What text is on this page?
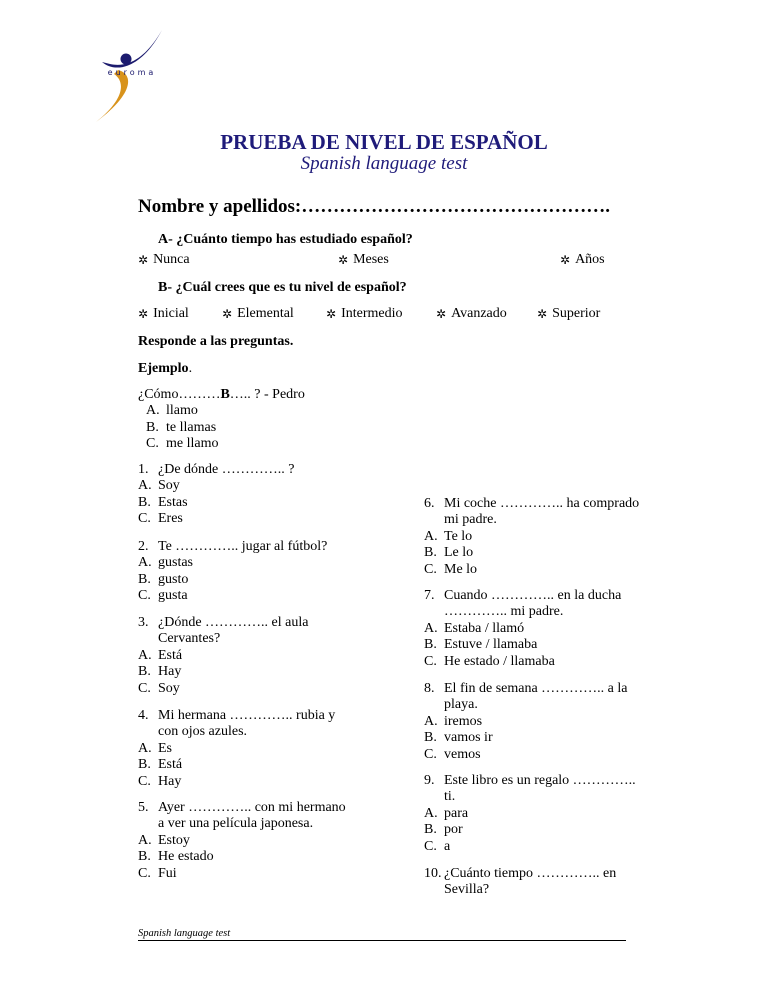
euroma
PRUEBA DE NIVEL DE ESPAÑOL
Spanish language test
Nombre y apellidos:………………………………………….
A- ¿Cuánto tiempo has estudiado español?
✲ Nunca	✲ Meses	✲ Años
B- ¿Cuál crees que es tu nivel de español?
✲ Inicial	✲ Elemental	✲ Intermedio	✲ Avanzado	✲ Superior
Responde a las preguntas.
Ejemplo.
¿Cómo………B….. ? - Pedro
A. llamo
B. te llamas
C. me llamo
1. ¿De dónde ………….. ?
A. Soy
B. Estas
C. Eres
2. Te ………….. jugar al fútbol?
A. gustas
B. gusto
C. gusta
3. ¿Dónde ………….. el aula
Cervantes?
A. Está
B. Hay
C. Soy
4. Mi hermana ………….. rubia y
con ojos azules.
A. Es
B. Está
C. Hay
5. Ayer ………….. con mi hermano
a ver una película japonesa.
A. Estoy
B. He estado
C. Fui
6. Mi coche ………….. ha comprado
mi padre.
A. Te lo
B. Le lo
C. Me lo
7. Cuando ………….. en la ducha
………….. mi padre.
A. Estaba / llamó
B. Estuve / llamaba
C. He estado / llamaba
8. El fin de semana ………….. a la
playa.
A. iremos
B. vamos ir
C. vemos
9. Este libro es un regalo …………..
ti.
A. para
B. por
C. a
10. ¿Cuánto tiempo ………….. en
Sevilla?
Spanish language test
